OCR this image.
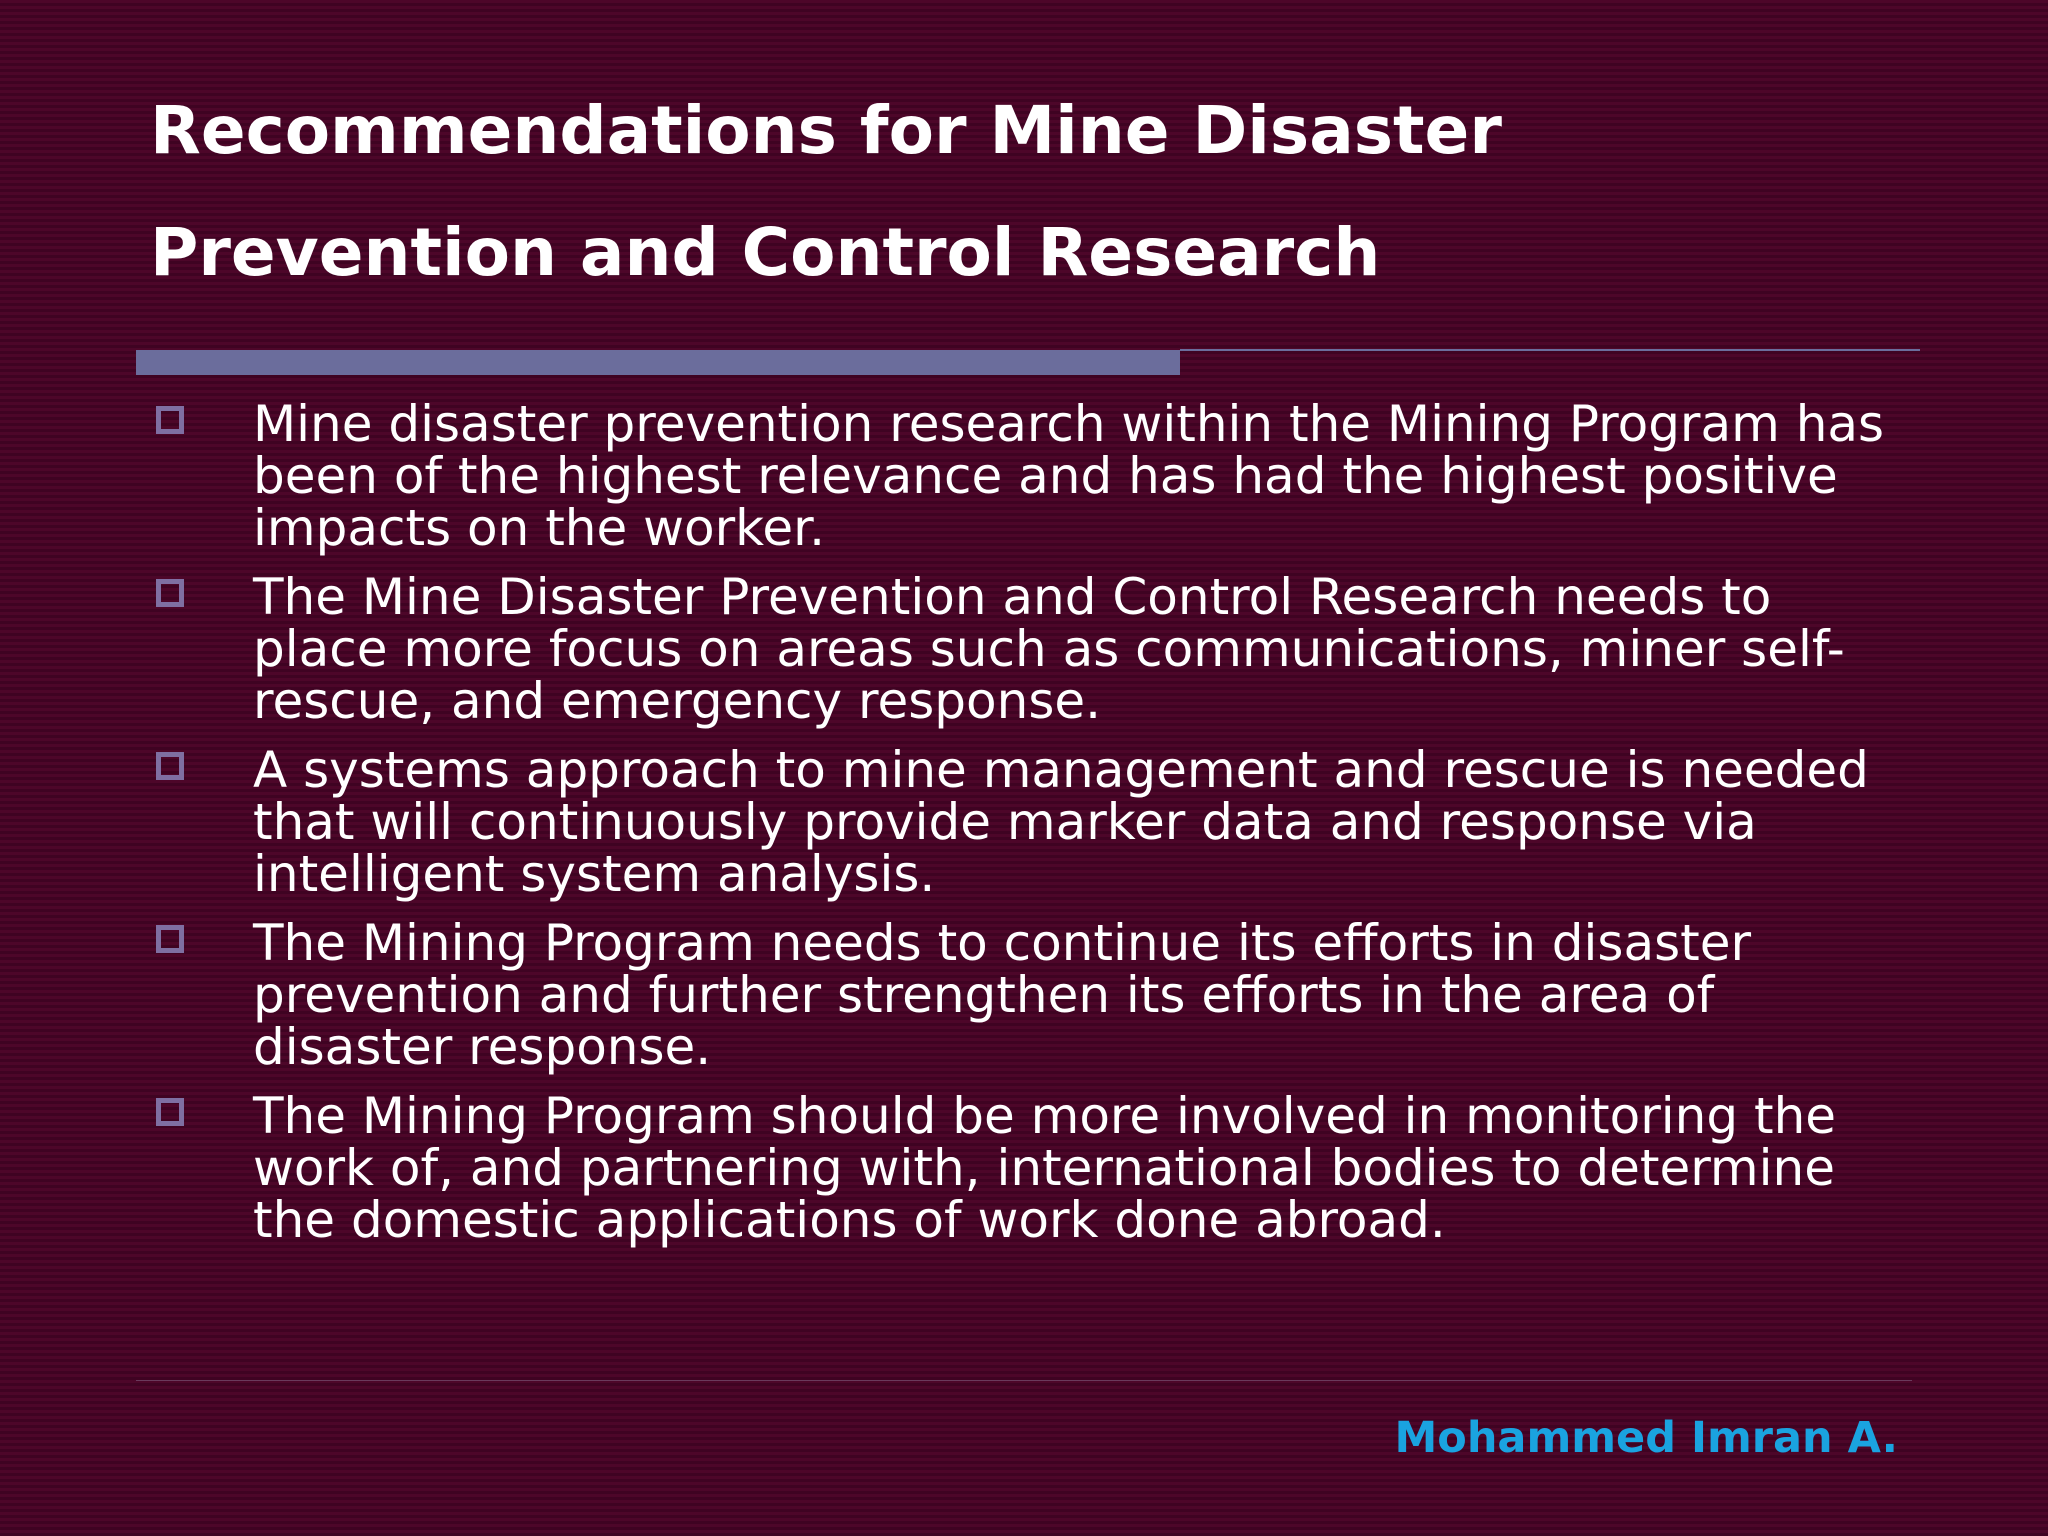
Recommendations for Mine Disaster
Prevention and Control Research
Mine disaster prevention research within the Mining Program has been of the highest relevance and has had the highest positive impacts on the worker.
The Mine Disaster Prevention and Control Research needs to place more focus on areas such as communications, miner self-rescue, and emergency response.
A systems approach to mine management and rescue is needed that will continuously provide marker data and response via intelligent system analysis.
The Mining Program needs to continue its efforts in disaster prevention and further strengthen its efforts in the area of disaster response.
The Mining Program should be more involved in monitoring the work of, and partnering with, international bodies to determine the domestic applications of work done abroad.
Mohammed Imran A.
